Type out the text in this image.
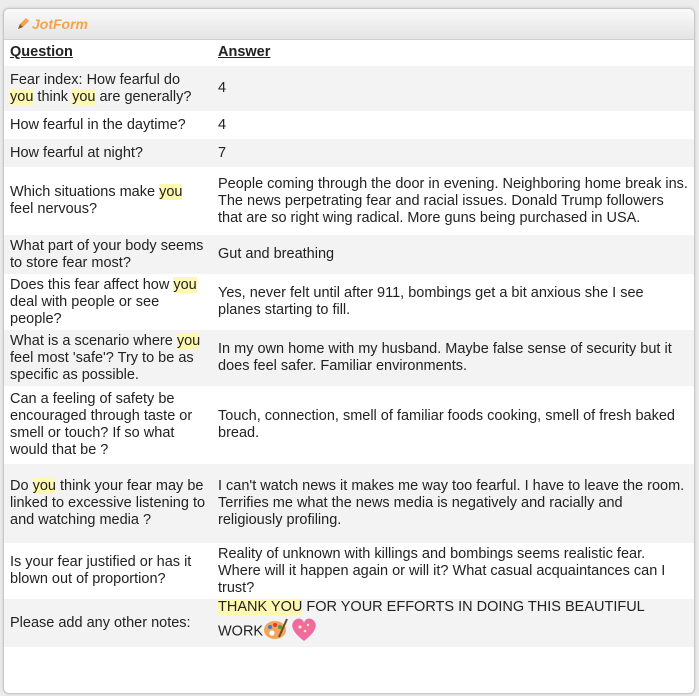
JotForm
Question	Answer
Fear index: How fearful do you think you are generally?	4
How fearful in the daytime?	4
How fearful at night?	7
Which situations make you feel nervous?	People coming through the door in evening. Neighboring home break ins. The news perpetrating fear and racial issues. Donald Trump followers that are so right wing radical. More guns being purchased in USA.
What part of your body seems to store fear most?	Gut and breathing
Does this fear affect how you deal with people or see people?	Yes, never felt until after 911, bombings get a bit anxious she I see planes starting to fill.
What is a scenario where you feel most 'safe'? Try to be as specific as possible.	In my own home with my husband. Maybe false sense of security but it does feel safer. Familiar environments.
Can a feeling of safety be encouraged through taste or smell or touch? If so what would that be ?	Touch, connection, smell of familiar foods cooking, smell of fresh baked bread.
Do you think your fear may be linked to excessive listening to and watching media ?	I can't watch news it makes me way too fearful. I have to leave the room. Terrifies me what the news media is negatively and racially and religiously profiling.
Is your fear justified or has it blown out of proportion?	Reality of unknown with killings and bombings seems realistic fear. Where will it happen again or will it? What casual acquaintances can I trust?
Please add any other notes:	THANK YOU FOR YOUR EFFORTS IN DOING THIS BEAUTIFUL WORK
